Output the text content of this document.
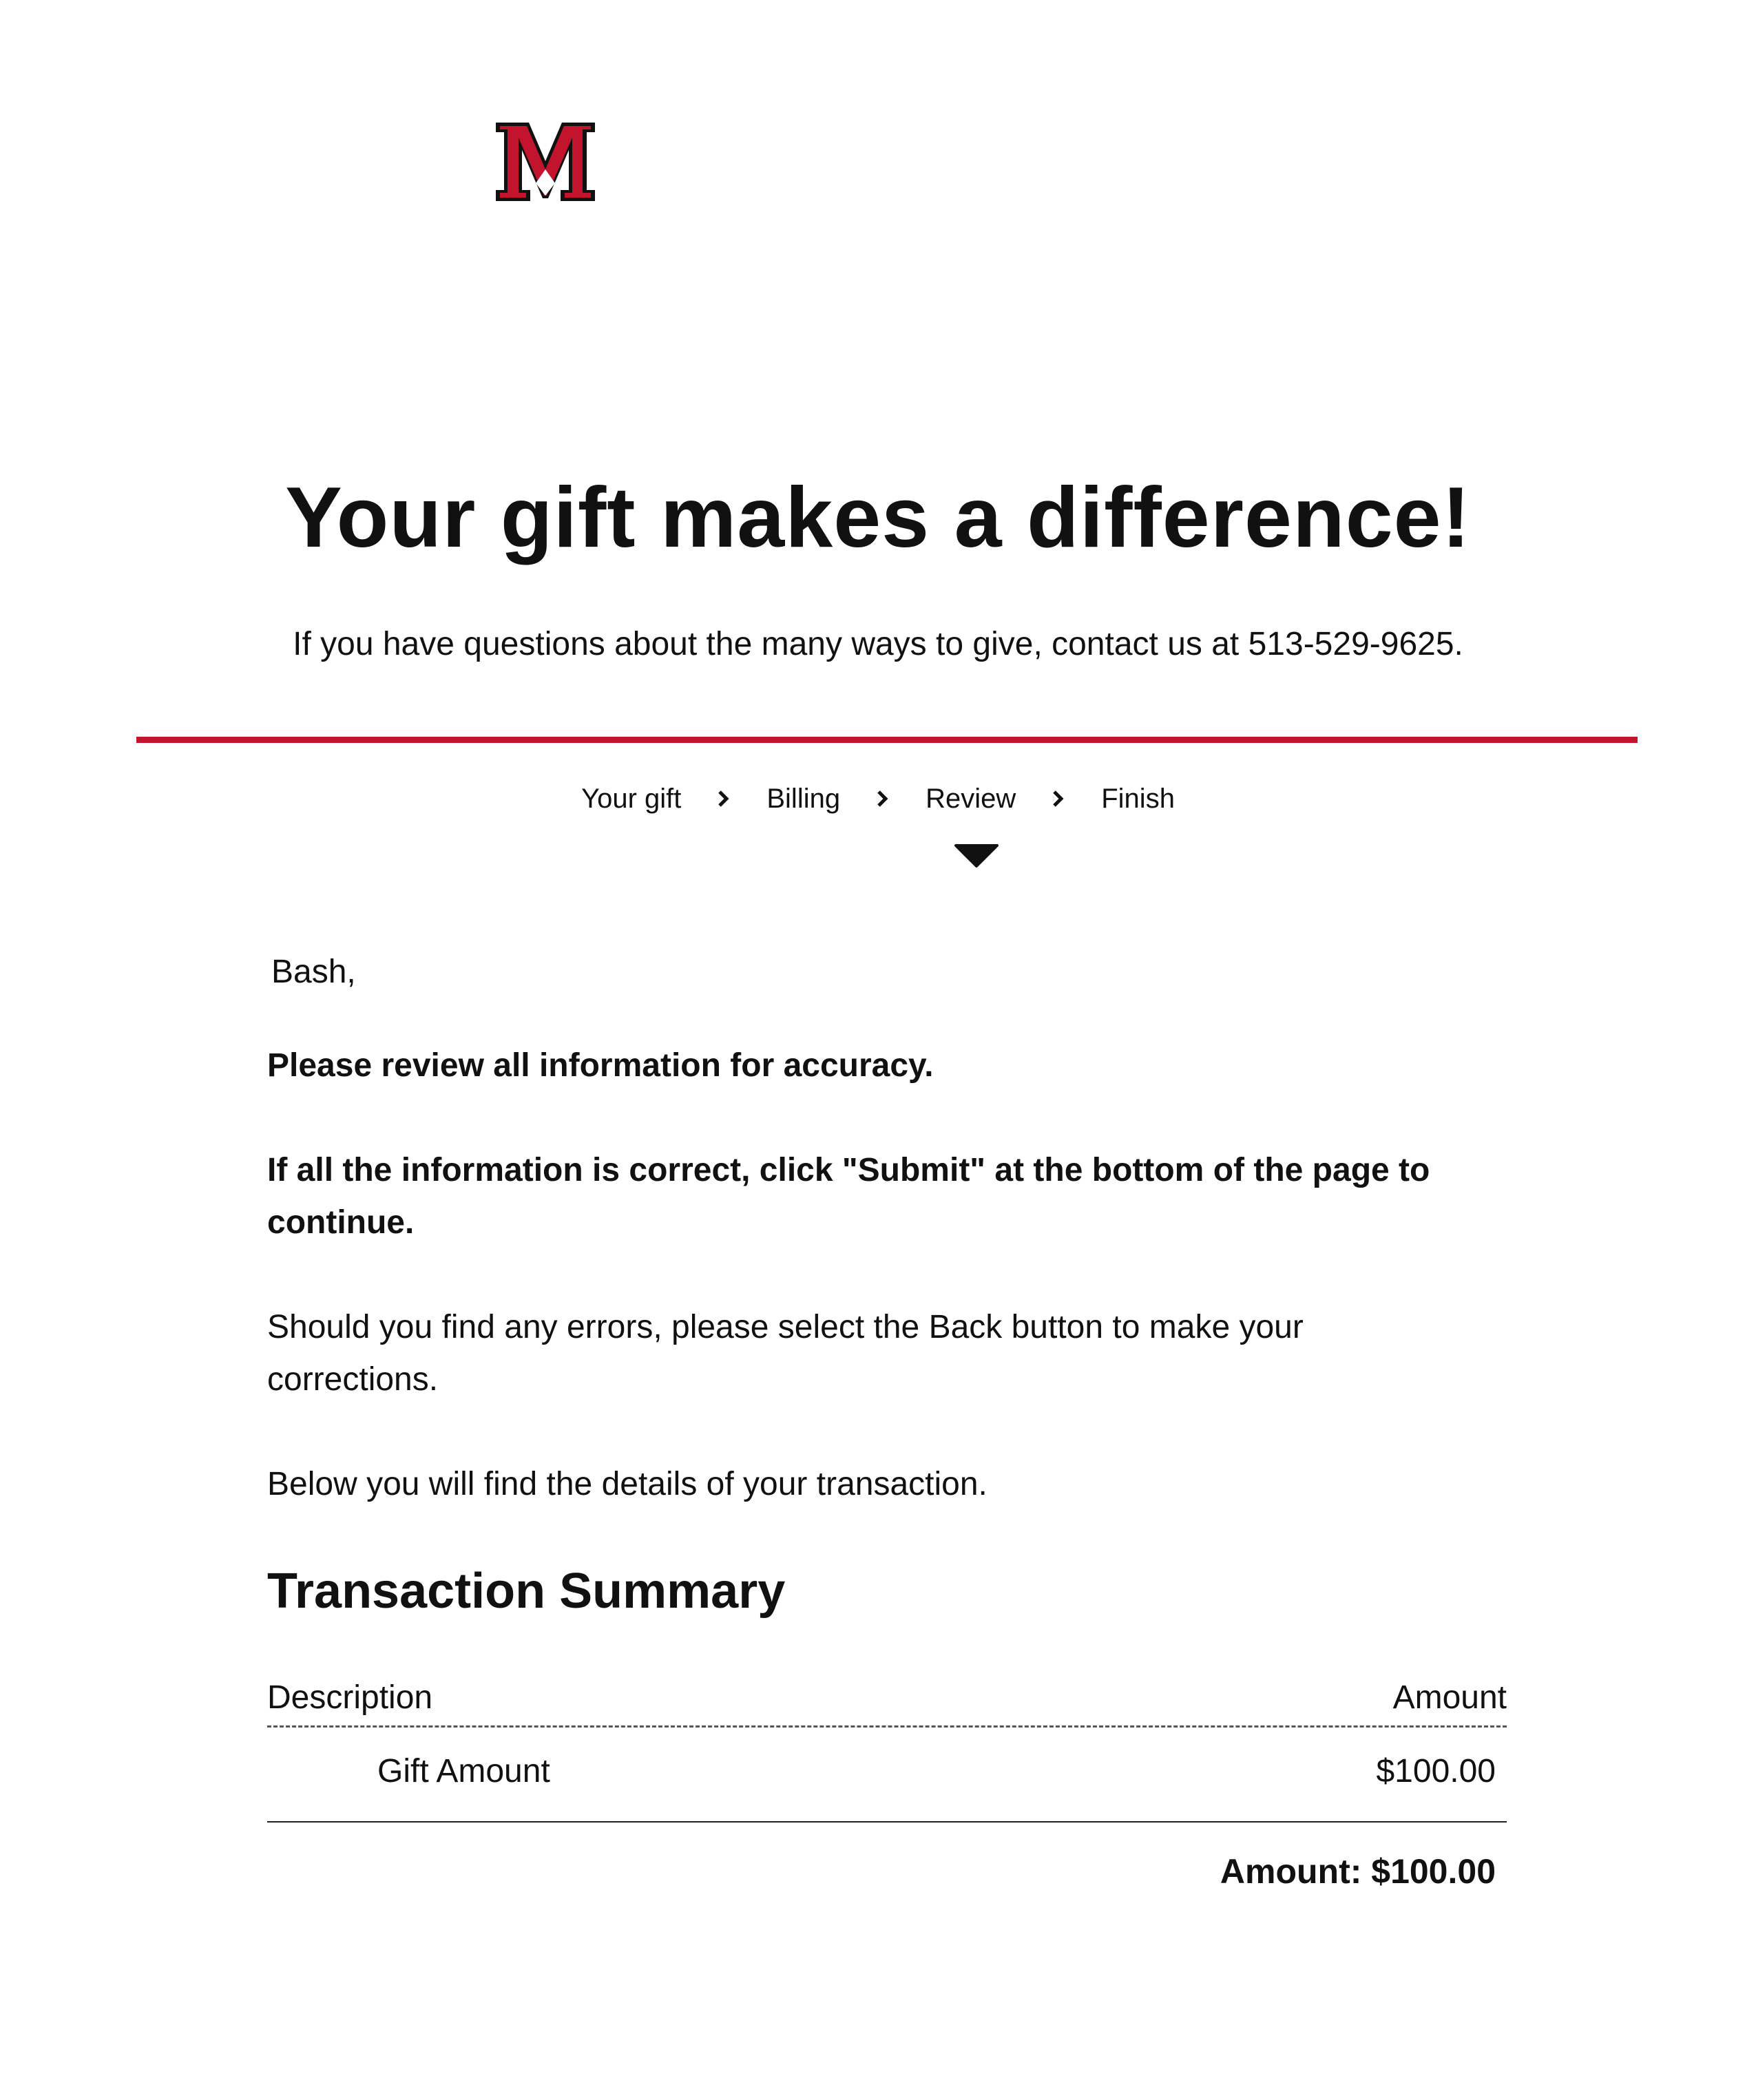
Your gift makes a difference!
If you have questions about the many ways to give, contact us at 513-529-9625.
Your gift	Billing	Review	Finish
Bash,
Please review all information for accuracy.
If all the information is correct, click "Submit" at the bottom of the page to continue.
Should you find any errors, please select the Back button to make your corrections.
Below you will find the details of your transaction.
Transaction Summary
Description	Amount
Gift Amount	$100.00
Amount: $100.00
